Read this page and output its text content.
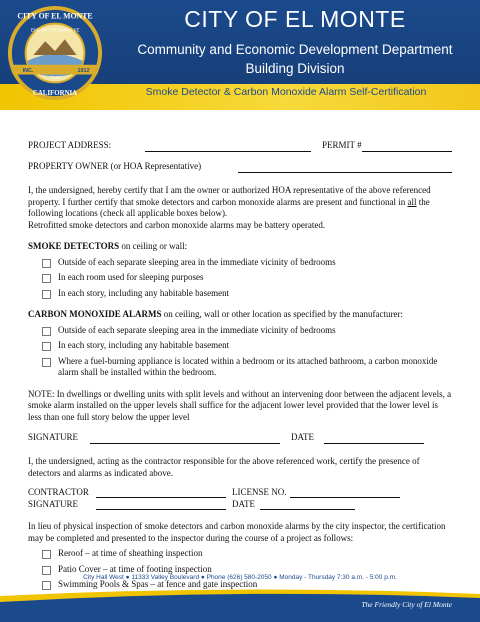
INC.	1912
TRAIL
CITY OF EL MONTE
END OF THE SANTA FE
CALIFORNIA
CITY OF EL MONTE
Community and Economic Development Department
Building Division
Smoke Detector & Carbon Monoxide Alarm Self-Certification
PROJECT ADDRESS:	PERMIT #
PROPERTY OWNER (or HOA Representative)

I, the undersigned, hereby certify that I am the owner or authorized HOA representative of the above referenced property. I further certify that smoke detectors and carbon monoxide alarms are present and functional in all the following locations (check all applicable boxes below).

Retrofitted smoke detectors and carbon monoxide alarms may be battery operated.

SMOKE DETECTORS on ceiling or wall:

Outside of each separate sleeping area in the immediate vicinity of bedrooms
In each room used for sleeping purposes
In each story, including any habitable basement

CARBON MONOXIDE ALARMS on ceiling, wall or other location as specified by the manufacturer:

Outside of each separate sleeping area in the immediate vicinity of bedrooms
In each story, including any habitable basement
Where a fuel-burning appliance is located within a bedroom or its attached bathroom, a carbon monoxide alarm shall be installed within the bedroom.

NOTE: In dwellings or dwelling units with split levels and without an intervening door between the adjacent levels, a smoke alarm installed on the upper levels shall suffice for the adjacent lower level provided that the lower level is less than one full story below the upper level

SIGNATURE	DATE

I, the undersigned, acting as the contractor responsible for the above referenced work, certify the presence of detectors and alarms as indicated above.

CONTRACTOR	LICENSE NO.
SIGNATURE	DATE

In lieu of physical inspection of smoke detectors and carbon monoxide alarms by the city inspector, the certification may be completed and presented to the inspector during the course of a project as follows:

Reroof – at time of sheathing inspection
Patio Cover – at time of footing inspection
Swimming Pools & Spas – at fence and gate inspection
City Hall West ● 11333 Valley Boulevard ● Phone (626) 580-2050 ● Monday - Thursday 7:30 a.m. - 5:00 p.m.
The Friendly City of El Monte
